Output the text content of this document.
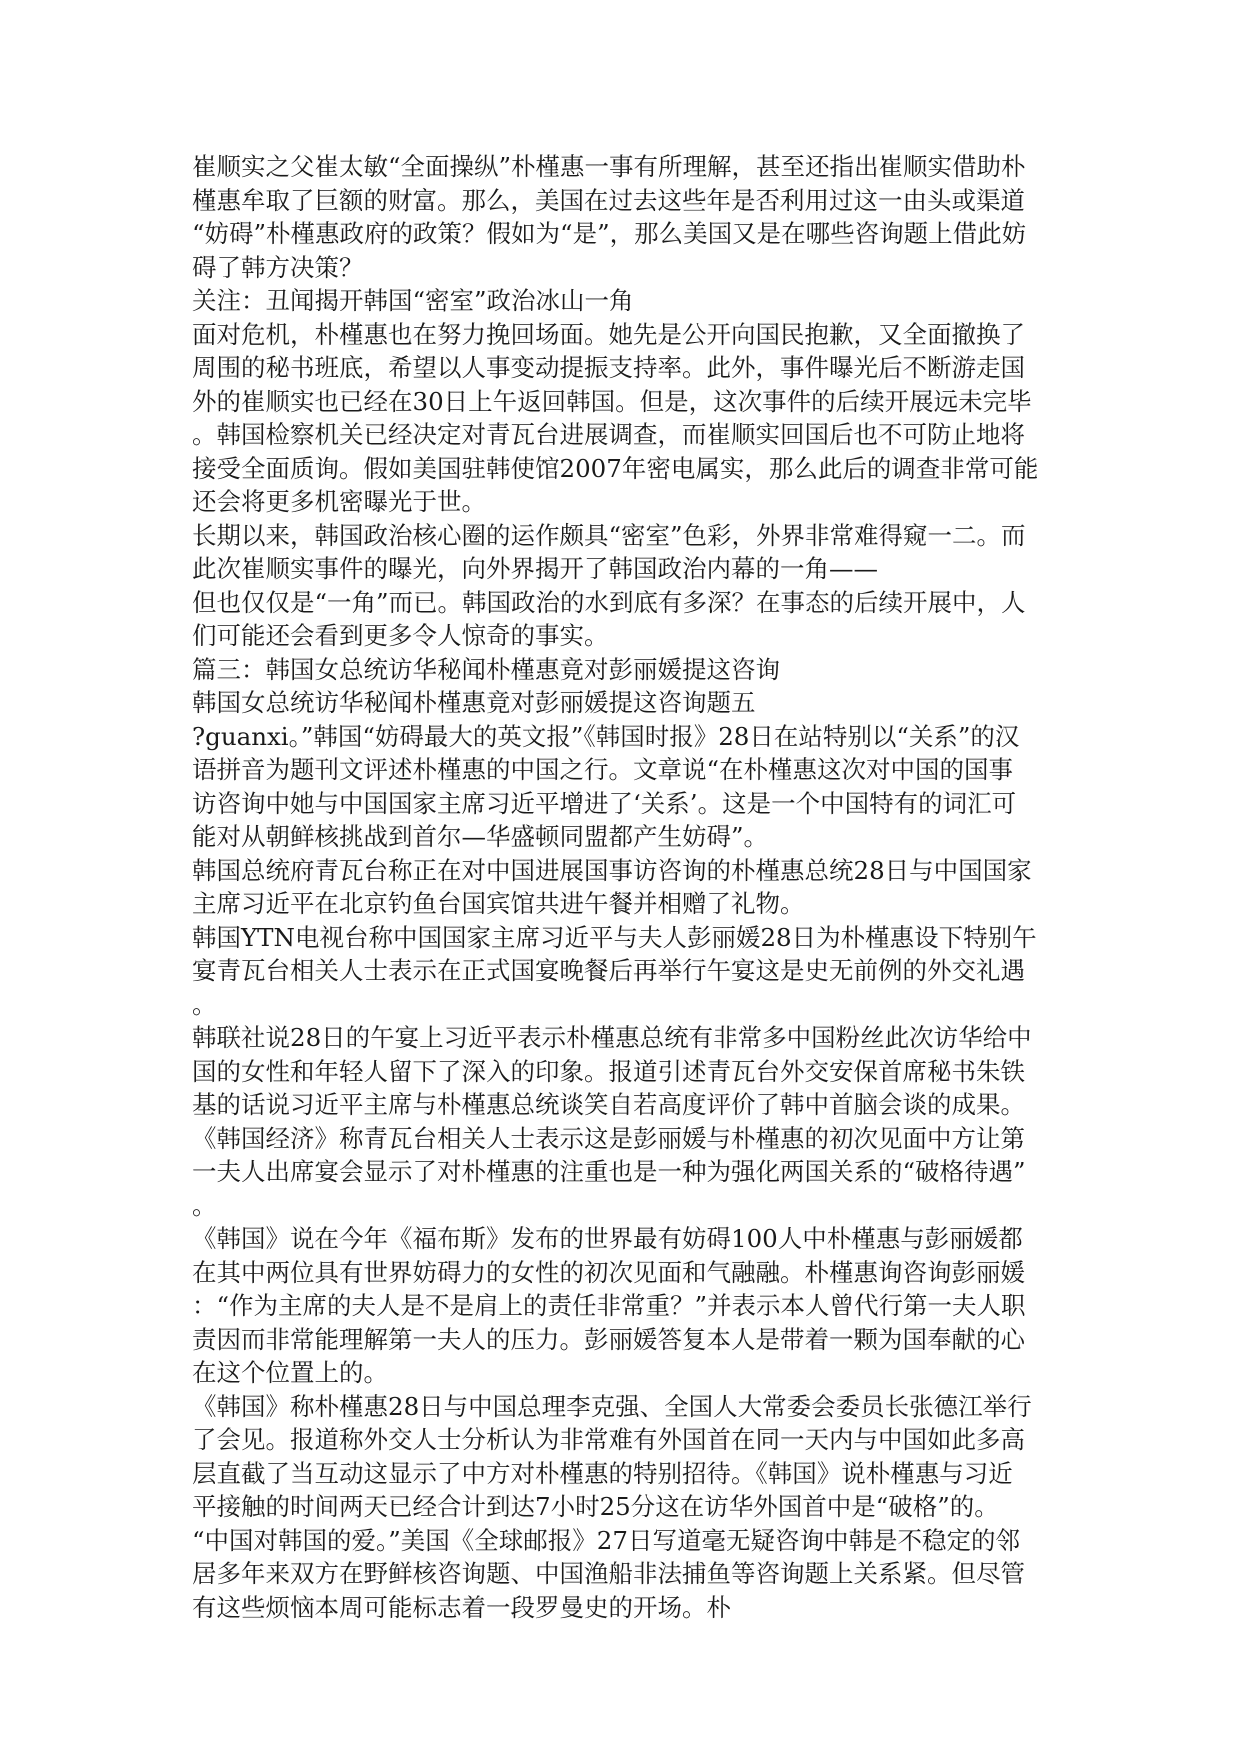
崔顺实之父崔太敏“全面操纵”朴槿惠一事有所理解，甚至还指出崔顺实借助朴
槿惠牟取了巨额的财富。那么，美国在过去这些年是否利用过这一由头或渠道
“妨碍”朴槿惠政府的政策？假如为“是”，那么美国又是在哪些咨询题上借此妨
碍了韩方决策？
关注：丑闻揭开韩国“密室”政治冰山一角
面对危机，朴槿惠也在努力挽回场面。她先是公开向国民抱歉，又全面撤换了
周围的秘书班底，希望以人事变动提振支持率。此外，事件曝光后不断游走国
外的崔顺实也已经在30日上午返回韩国。但是，这次事件的后续开展远未完毕
。韩国检察机关已经决定对青瓦台进展调查，而崔顺实回国后也不可防止地将
接受全面质询。假如美国驻韩使馆2007年密电属实，那么此后的调查非常可能
还会将更多机密曝光于世。
长期以来，韩国政治核心圈的运作颇具“密室”色彩，外界非常难得窥一二。而
此次崔顺实事件的曝光，向外界揭开了韩国政治内幕的一角——
但也仅仅是“一角”而已。韩国政治的水到底有多深？在事态的后续开展中，人
们可能还会看到更多令人惊奇的事实。
篇三：韩国女总统访华秘闻朴槿惠竟对彭丽媛提这咨询
韩国女总统访华秘闻朴槿惠竟对彭丽媛提这咨询题五
?guanxi。”韩国“妨碍最大的英文报”《韩国时报》28日在站特别以“关系”的汉
语拼音为题刊文评述朴槿惠的中国之行。文章说“在朴槿惠这次对中国的国事
访咨询中她与中国国家主席习近平增进了‘关系’。这是一个中国特有的词汇可
能对从朝鲜核挑战到首尔—华盛顿同盟都产生妨碍”。
韩国总统府青瓦台称正在对中国进展国事访咨询的朴槿惠总统28日与中国国家
主席习近平在北京钓鱼台国宾馆共进午餐并相赠了礼物。
韩国YTN电视台称中国国家主席习近平与夫人彭丽媛28日为朴槿惠设下特别午
宴青瓦台相关人士表示在正式国宴晚餐后再举行午宴这是史无前例的外交礼遇
。
韩联社说28日的午宴上习近平表示朴槿惠总统有非常多中国粉丝此次访华给中
国的女性和年轻人留下了深入的印象。报道引述青瓦台外交安保首席秘书朱铁
基的话说习近平主席与朴槿惠总统谈笑自若高度评价了韩中首脑会谈的成果。
《韩国经济》称青瓦台相关人士表示这是彭丽媛与朴槿惠的初次见面中方让第
一夫人出席宴会显示了对朴槿惠的注重也是一种为强化两国关系的“破格待遇”
。
《韩国》说在今年《福布斯》发布的世界最有妨碍100人中朴槿惠与彭丽媛都
在其中两位具有世界妨碍力的女性的初次见面和气融融。朴槿惠询咨询彭丽媛
：“作为主席的夫人是不是肩上的责任非常重？”并表示本人曾代行第一夫人职
责因而非常能理解第一夫人的压力。彭丽媛答复本人是带着一颗为国奉献的心
在这个位置上的。
《韩国》称朴槿惠28日与中国总理李克强、全国人大常委会委员长张德江举行
了会见。报道称外交人士分析认为非常难有外国首在同一天内与中国如此多高
层直截了当互动这显示了中方对朴槿惠的特别招待。《韩国》说朴槿惠与习近
平接触的时间两天已经合计到达7小时25分这在访华外国首中是“破格”的。
“中国对韩国的爱。”美国《全球邮报》27日写道毫无疑咨询中韩是不稳定的邻
居多年来双方在野鲜核咨询题、中国渔船非法捕鱼等咨询题上关系紧。但尽管
有这些烦恼本周可能标志着一段罗曼史的开场。朴
